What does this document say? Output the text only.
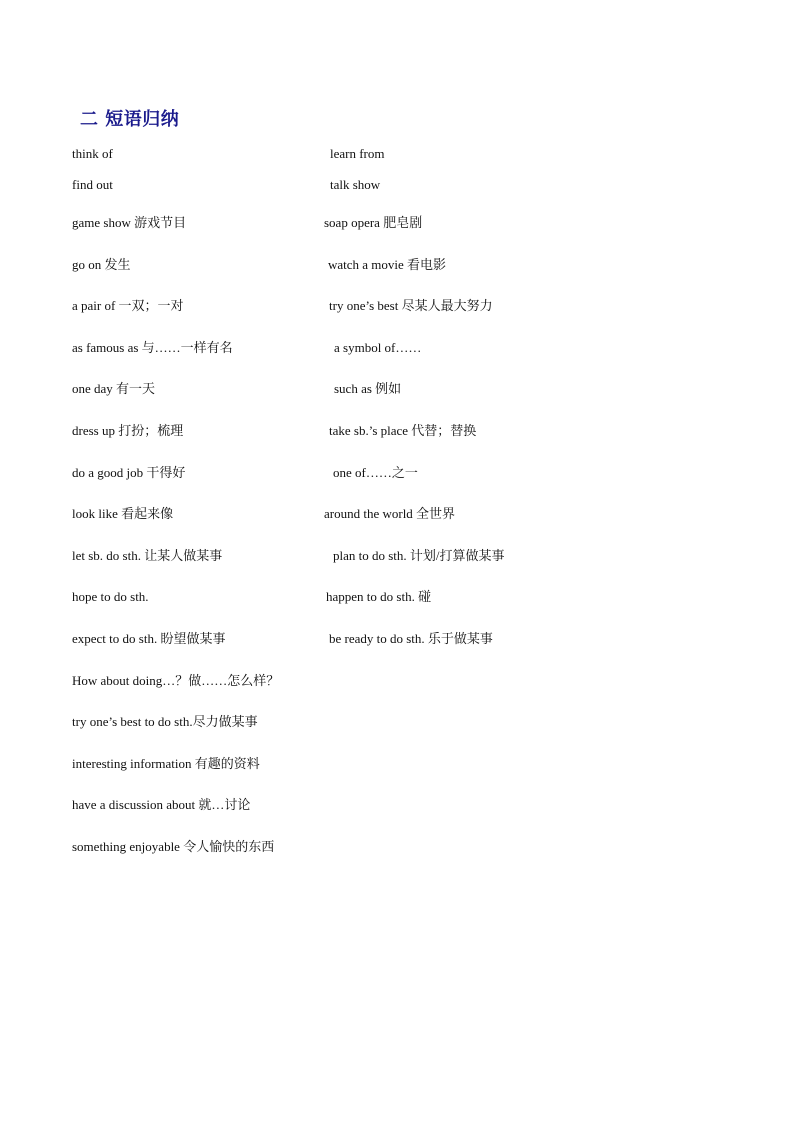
二 短语归纳
think of	learn from
find out	talk show
game show 游戏节目	soap opera 肥皂剧
go on 发生	watch a movie 看电影
a pair of 一双；一对	try one’s best 尽某人最大努力
as famous as 与……一样有名	a symbol of……
one day 有一天	such as 例如
dress up 打扮；梳理	take sb.’s place 代替；替换
do a good job 干得好	one of……之一
look like 看起来像	around the world 全世界
let sb. do sth. 让某人做某事	plan to do sth. 计划/打算做某事
hope to do sth.	happen to do sth. 碰
expect to do sth. 盼望做某事	be ready to do sth. 乐于做某事
How about doing…？做……怎么样？
try one’s best to do sth.尽力做某事
interesting information 有趣的资料
have a discussion about 就…讨论
something enjoyable 令人愉快的东西
